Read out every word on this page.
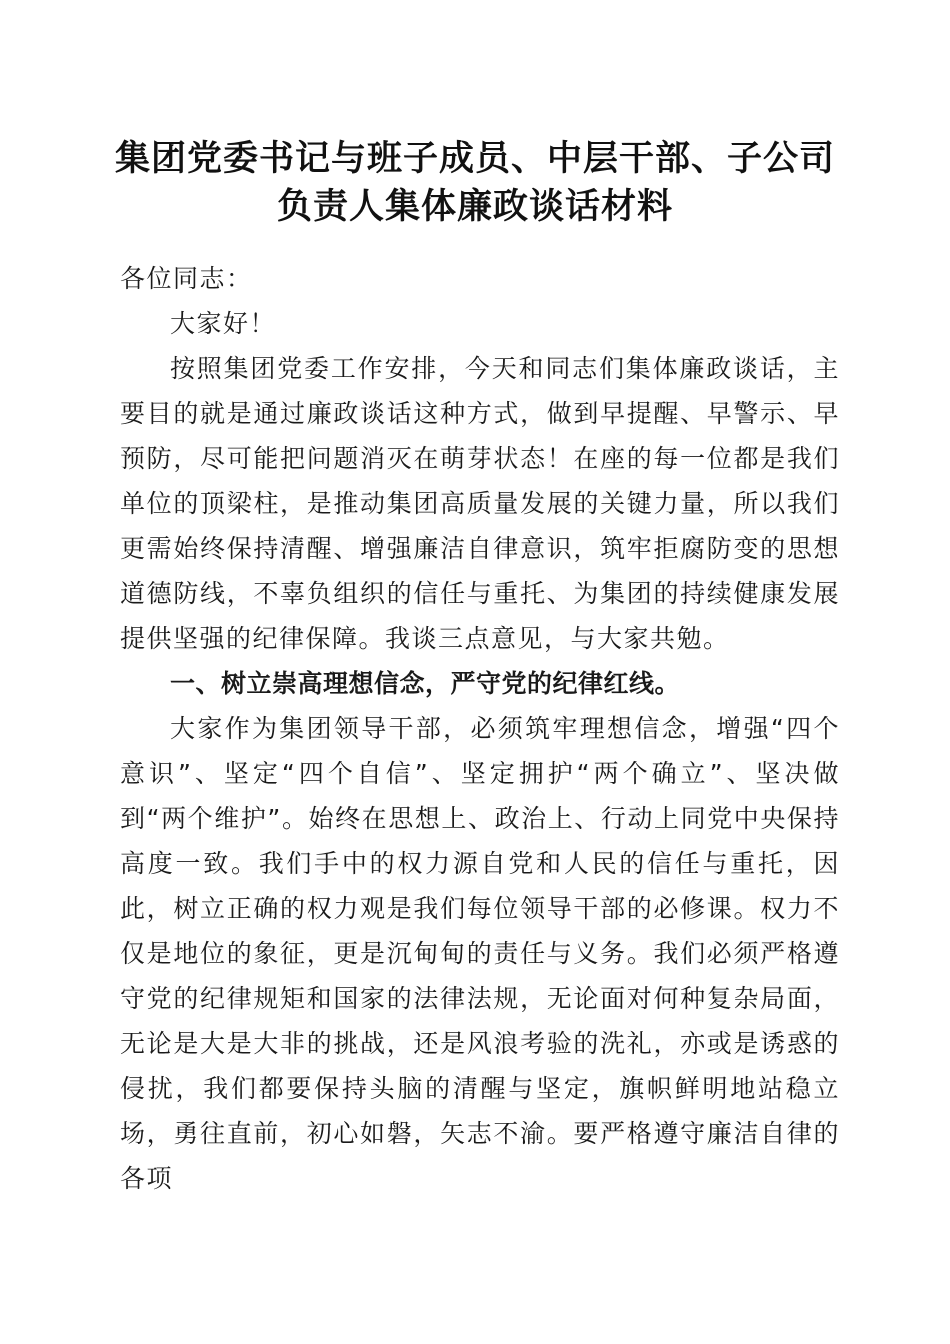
集团党委书记与班子成员、中层干部、子公司
负责人集体廉政谈话材料

各位同志：

大家好！

按照集团党委工作安排，今天和同志们集体廉政谈话，主要目的就是通过廉政谈话这种方式，做到早提醒、早警示、早预防，尽可能把问题消灭在萌芽状态！在座的每一位都是我们单位的顶梁柱，是推动集团高质量发展的关键力量，所以我们更需始终保持清醒、增强廉洁自律意识，筑牢拒腐防变的思想道德防线，不辜负组织的信任与重托、为集团的持续健康发展提供坚强的纪律保障。我谈三点意见，与大家共勉。

一、树立崇高理想信念，严守党的纪律红线。

大家作为集团领导干部，必须筑牢理想信念，增强“四个意识”、坚定“四个自信”、坚定拥护“两个确立”、坚决做到“两个维护”。始终在思想上、政治上、行动上同党中央保持高度一致。我们手中的权力源自党和人民的信任与重托，因此，树立正确的权力观是我们每位领导干部的必修课。权力不仅是地位的象征，更是沉甸甸的责任与义务。我们必须严格遵守党的纪律规矩和国家的法律法规，无论面对何种复杂局面，无论是大是大非的挑战，还是风浪考验的洗礼，亦或是诱惑的侵扰，我们都要保持头脑的清醒与坚定，旗帜鲜明地站稳立场，勇往直前，初心如磐，矢志不渝。要严格遵守廉洁自律的各项
